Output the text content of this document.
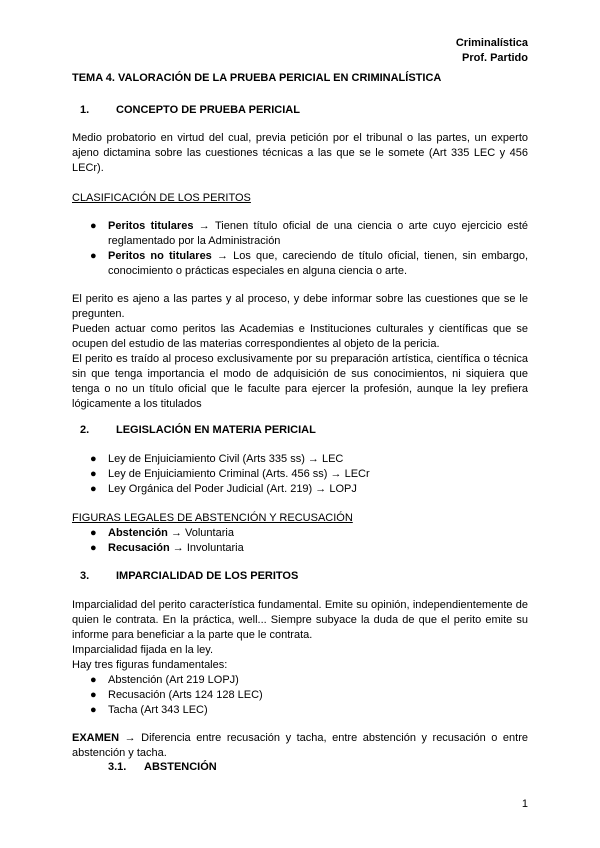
Criminalística
Prof. Partido
TEMA 4. VALORACIÓN DE LA PRUEBA PERICIAL EN CRIMINALÍSTICA
1. CONCEPTO DE PRUEBA PERICIAL
Medio probatorio en virtud del cual, previa petición por el tribunal o las partes, un experto ajeno dictamina sobre las cuestiones técnicas a las que se le somete (Art 335 LEC y 456 LECr).
CLASIFICACIÓN DE LOS PERITOS
● Peritos titulares → Tienen título oficial de una ciencia o arte cuyo ejercicio esté reglamentado por la Administración
● Peritos no titulares → Los que, careciendo de título oficial, tienen, sin embargo, conocimiento o prácticas especiales en alguna ciencia o arte.
El perito es ajeno a las partes y al proceso, y debe informar sobre las cuestiones que se le pregunten.
Pueden actuar como peritos las Academias e Instituciones culturales y científicas que se ocupen del estudio de las materias correspondientes al objeto de la pericia.
El perito es traído al proceso exclusivamente por su preparación artística, científica o técnica sin que tenga importancia el modo de adquisición de sus conocimientos, ni siquiera que tenga o no un título oficial que le faculte para ejercer la profesión, aunque la ley prefiera lógicamente a los titulados
2. LEGISLACIÓN EN MATERIA PERICIAL
● Ley de Enjuiciamiento Civil (Arts 335 ss) → LEC
● Ley de Enjuiciamiento Criminal (Arts. 456 ss) → LECr
● Ley Orgánica del Poder Judicial (Art. 219) → LOPJ
FIGURAS LEGALES DE ABSTENCIÓN Y RECUSACIÓN
● Abstención → Voluntaria
● Recusación → Involuntaria
3. IMPARCIALIDAD DE LOS PERITOS
Imparcialidad del perito característica fundamental. Emite su opinión, independientemente de quien le contrata. En la práctica, well... Siempre subyace la duda de que el perito emite su informe para beneficiar a la parte que le contrata.
Imparcialidad fijada en la ley.
Hay tres figuras fundamentales:
● Abstención (Art 219 LOPJ)
● Recusación (Arts 124 128 LEC)
● Tacha (Art 343 LEC)
EXAMEN → Diferencia entre recusación y tacha, entre abstención y recusación o entre abstención y tacha.
3.1. ABSTENCIÓN
1
